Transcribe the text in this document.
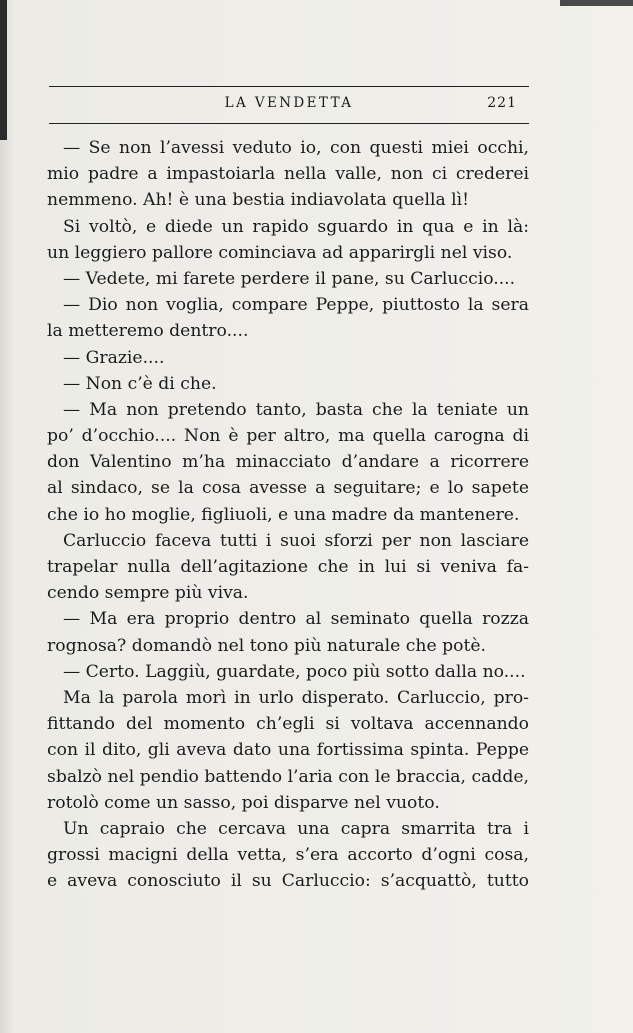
LA VENDETTA	221
— Se non l’avessi veduto io, con questi miei occhi,
mio padre a impastoiarla nella valle, non ci crederei
nemmeno. Ah! è una bestia indiavolata quella lì!
Si voltò, e diede un rapido sguardo in qua e in là:
un leggiero pallore cominciava ad apparirgli nel viso.
— Vedete, mi farete perdere il pane, su Carluccio....
— Dio non voglia, compare Peppe, piuttosto la sera
la metteremo dentro....
— Grazie....
— Non c’è di che.
— Ma non pretendo tanto, basta che la teniate un
po’ d’occhio.... Non è per altro, ma quella carogna di
don Valentino m’ha minacciato d’andare a ricorrere
al sindaco, se la cosa avesse a seguitare; e lo sapete
che io ho moglie, figliuoli, e una madre da mantenere.
Carluccio faceva tutti i suoi sforzi per non lasciare
trapelar nulla dell’agitazione che in lui si veniva fa-
cendo sempre più viva.
— Ma era proprio dentro al seminato quella rozza
rognosa? domandò nel tono più naturale che potè.
— Certo. Laggiù, guardate, poco più sotto dalla no....
Ma la parola morì in urlo disperato. Carluccio, pro-
fittando del momento ch’egli si voltava accennando
con il dito, gli aveva dato una fortissima spinta. Peppe
sbalzò nel pendio battendo l’aria con le braccia, cadde,
rotolò come un sasso, poi disparve nel vuoto.
Un capraio che cercava una capra smarrita tra i
grossi macigni della vetta, s’era accorto d’ogni cosa,
e aveva conosciuto il su Carluccio: s’acquattò, tutto
